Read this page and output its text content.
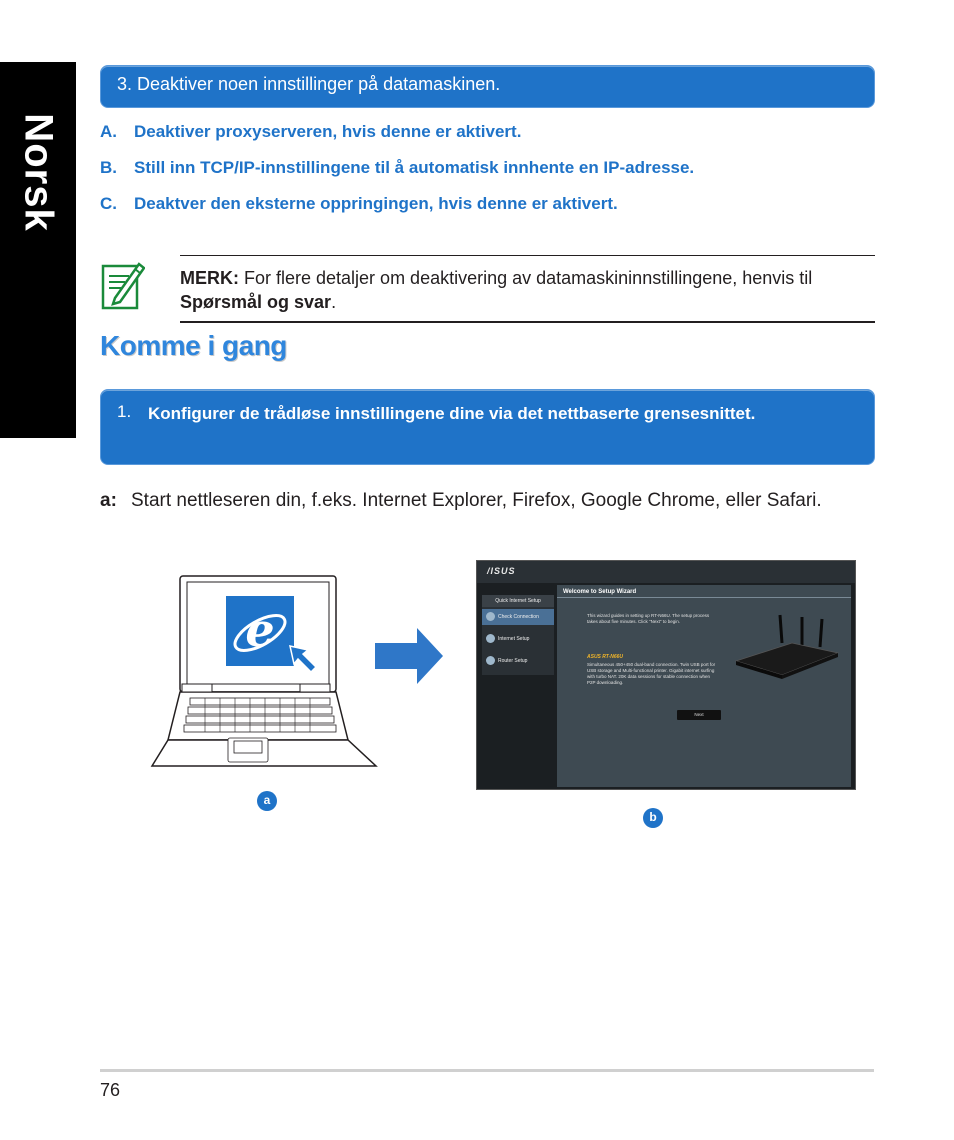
Norsk
3. Deaktiver noen innstillinger på datamaskinen.
A. Deaktiver proxyserveren, hvis denne er aktivert.
B. Still inn TCP/IP-innstillingene til å automatisk innhente en IP-adresse.
C. Deaktver den eksterne oppringingen, hvis denne er aktivert.
MERK: For flere detaljer om deaktivering av datamaskininnstillingene, henvis til Spørsmål og svar.
Komme i gang
1. Konfigurer de trådløse innstillingene dine via det nettbaserte grensesnittet.
a: Start nettleseren din, f.eks. Internet Explorer, Firefox, Google Chrome, eller Safari.
e
/ISUS
Quick Internet Setup
Check Connection
Internet Setup
Router Setup
Welcome to Setup Wizard
This wizard guides in setting up RT-N66U. The setup process takes about five minutes. Click "Next" to begin.
ASUS RT-N66U
Simultaneous 450+450 dual-band connection. Twin USB port for USB storage and Multi-functional printer. Gigabit internet surfing with turbo NAT. 20K data sessions for stable connection when P2P downloading.
Next
a
b
76
